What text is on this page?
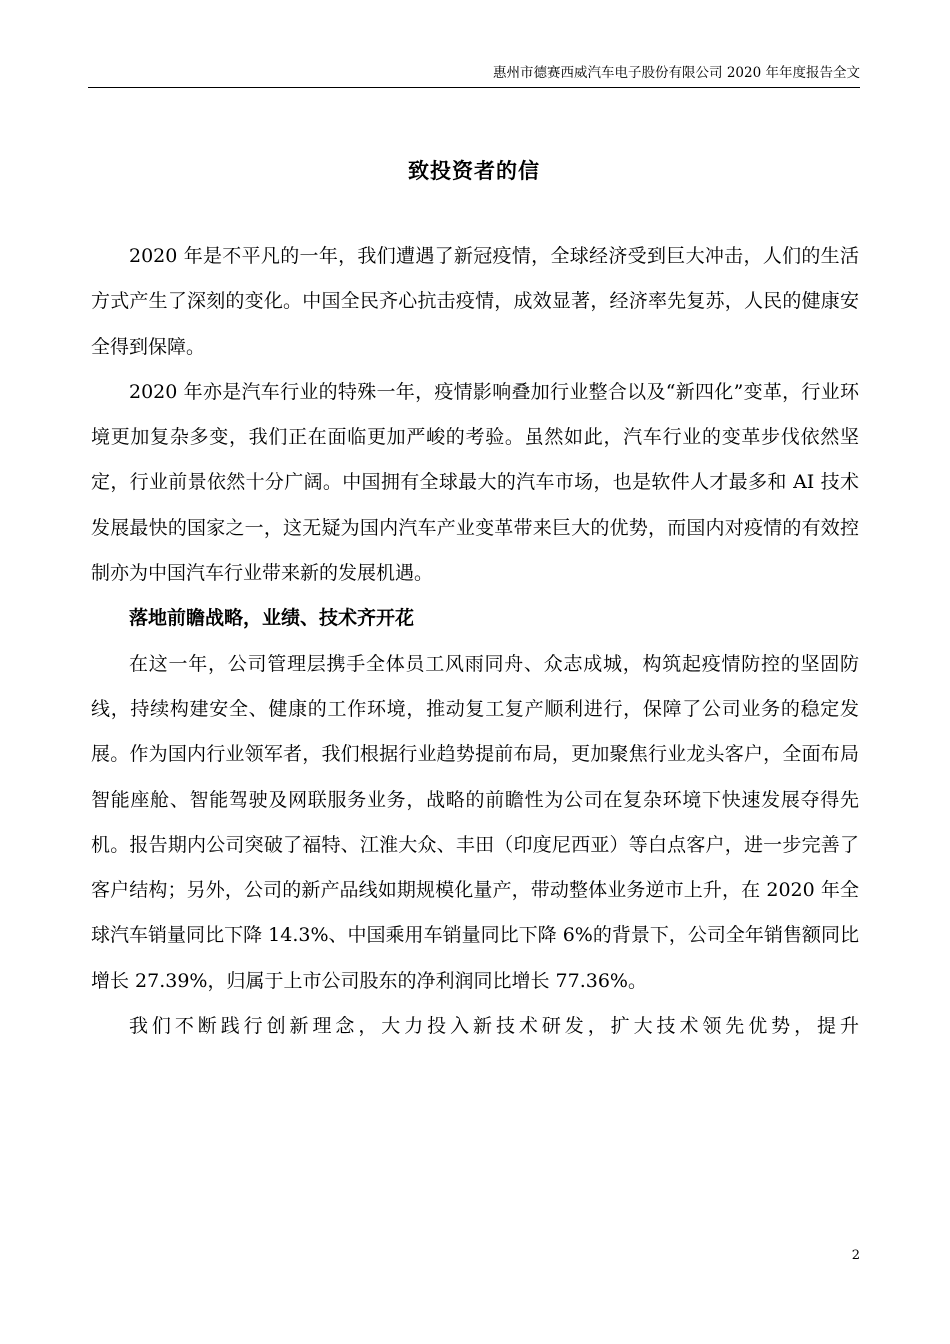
惠州市德赛西威汽车电子股份有限公司 2020 年年度报告全文
致投资者的信

2020 年是不平凡的一年，我们遭遇了新冠疫情，全球经济受到巨大冲击，人们的生活方式产生了深刻的变化。中国全民齐心抗击疫情，成效显著，经济率先复苏，人民的健康安全得到保障。

2020 年亦是汽车行业的特殊一年，疫情影响叠加行业整合以及“新四化”变革，行业环境更加复杂多变，我们正在面临更加严峻的考验。虽然如此，汽车行业的变革步伐依然坚定，行业前景依然十分广阔。中国拥有全球最大的汽车市场，也是软件人才最多和 AI 技术发展最快的国家之一，这无疑为国内汽车产业变革带来巨大的优势，而国内对疫情的有效控制亦为中国汽车行业带来新的发展机遇。

落地前瞻战略，业绩、技术齐开花

在这一年，公司管理层携手全体员工风雨同舟、众志成城，构筑起疫情防控的坚固防线，持续构建安全、健康的工作环境，推动复工复产顺利进行，保障了公司业务的稳定发展。作为国内行业领军者，我们根据行业趋势提前布局，更加聚焦行业龙头客户，全面布局智能座舱、智能驾驶及网联服务业务，战略的前瞻性为公司在复杂环境下快速发展夺得先机。报告期内公司突破了福特、江淮大众、丰田（印度尼西亚）等白点客户，进一步完善了客户结构；另外，公司的新产品线如期规模化量产，带动整体业务逆市上升，在 2020 年全球汽车销量同比下降 14.3%、中国乘用车销量同比下降 6%的背景下，公司全年销售额同比增长 27.39%，归属于上市公司股东的净利润同比增长 77.36%。

我们不断践行创新理念，大力投入新技术研发，扩大技术领先优势，提升

2
